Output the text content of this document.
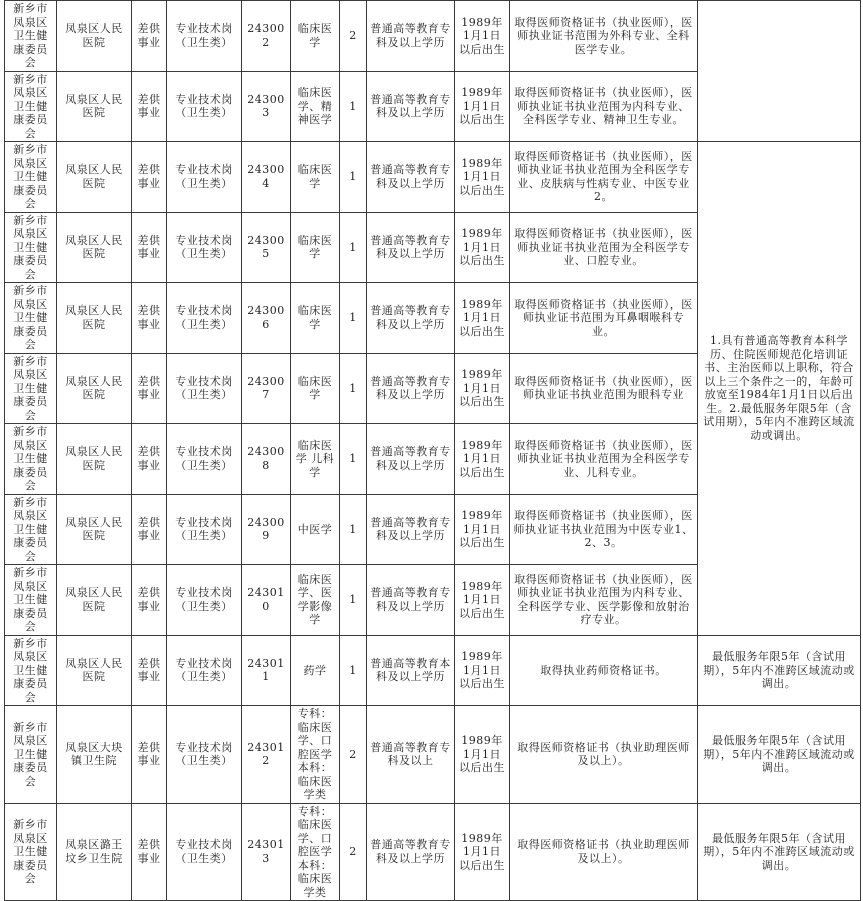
新乡市凤泉区卫生健康委员会	凤泉区人民医院	差供事业	专业技术岗（卫生类）	243002	临床医学	2	普通高等教育专科及以上学历	1989年1月1日以后出生	取得医师资格证书（执业医师），医师执业证书范围为外科专业、全科医学专业。	
新乡市凤泉区卫生健康委员会	凤泉区人民医院	差供事业	专业技术岗（卫生类）	243003	临床医学、精神医学	1	普通高等教育专科及以上学历	1989年1月1日以后出生	取得医师资格证书（执业医师），医师执业证书执业范围为内科专业、全科医学专业、精神卫生专业。	
新乡市凤泉区卫生健康委员会	凤泉区人民医院	差供事业	专业技术岗（卫生类）	243004	临床医学	1	普通高等教育专科及以上学历	1989年1月1日以后出生	取得医师资格证书（执业医师），医师执业证书执业范围为全科医学专业、皮肤病与性病专业、中医专业2。	1.具有普通高等教育本科学历、住院医师规范化培训证书、主治医师以上职称，符合以上三个条件之一的，年龄可放宽至1984年1月1日以后出生。2.最低服务年限5年（含试用期），5年内不准跨区域流动或调出。
新乡市凤泉区卫生健康委员会	凤泉区人民医院	差供事业	专业技术岗（卫生类）	243005	临床医学	1	普通高等教育专科及以上学历	1989年1月1日以后出生	取得医师资格证书（执业医师），医师执业证书执业范围为全科医学专业、口腔专业。	
新乡市凤泉区卫生健康委员会	凤泉区人民医院	差供事业	专业技术岗（卫生类）	243006	临床医学	1	普通高等教育专科及以上学历	1989年1月1日以后出生	取得医师资格证书（执业医师），医师执业证书范围为耳鼻咽喉科专业。	
新乡市凤泉区卫生健康委员会	凤泉区人民医院	差供事业	专业技术岗（卫生类）	243007	临床医学	1	普通高等教育专科及以上学历	1989年1月1日以后出生	取得医师资格证书（执业医师），医师执业证书执业范围为眼科专业	
新乡市凤泉区卫生健康委员会	凤泉区人民医院	差供事业	专业技术岗（卫生类）	243008	临床医学 儿科学	1	普通高等教育专科及以上学历	1989年1月1日以后出生	取得医师资格证书（执业医师），医师执业证书执业范围为全科医学专业、儿科专业。	
新乡市凤泉区卫生健康委员会	凤泉区人民医院	差供事业	专业技术岗（卫生类）	243009	中医学	1	普通高等教育专科及以上学历	1989年1月1日以后出生	取得医师资格证书（执业医师），医师执业证书执业范围为中医专业1、2、3。	
新乡市凤泉区卫生健康委员会	凤泉区人民医院	差供事业	专业技术岗（卫生类）	243010	临床医学、医学影像学	1	普通高等教育专科及以上学历	1989年1月1日以后出生	取得医师资格证书（执业医师），医师执业证书执业范围为内科专业、全科医学专业、医学影像和放射治疗专业。	
新乡市凤泉区卫生健康委员会	凤泉区人民医院	差供事业	专业技术岗（卫生类）	243011	药学	1	普通高等教育本科及以上学历	1989年1月1日以后出生	取得执业药师资格证书。	最低服务年限5年（含试用期），5年内不准跨区域流动或调出。
新乡市凤泉区卫生健康委员会	凤泉区大块镇卫生院	差供事业	专业技术岗（卫生类）	243012	专科：临床医学、口腔医学本科：临床医学类	2	普通高等教育专科及以上	1989年1月1日以后出生	取得医师资格证书（执业助理医师及以上）。	最低服务年限5年（含试用期），5年内不准跨区域流动或调出。
新乡市凤泉区卫生健康委员会	凤泉区潞王坟乡卫生院	差供事业	专业技术岗（卫生类）	243013	专科：临床医学、口腔医学本科：临床医学类	2	普通高等教育专科及以上学历	1989年1月1日以后出生	取得医师资格证书（执业助理医师及以上）。	最低服务年限5年（含试用期），5年内不准跨区域流动或调出。
